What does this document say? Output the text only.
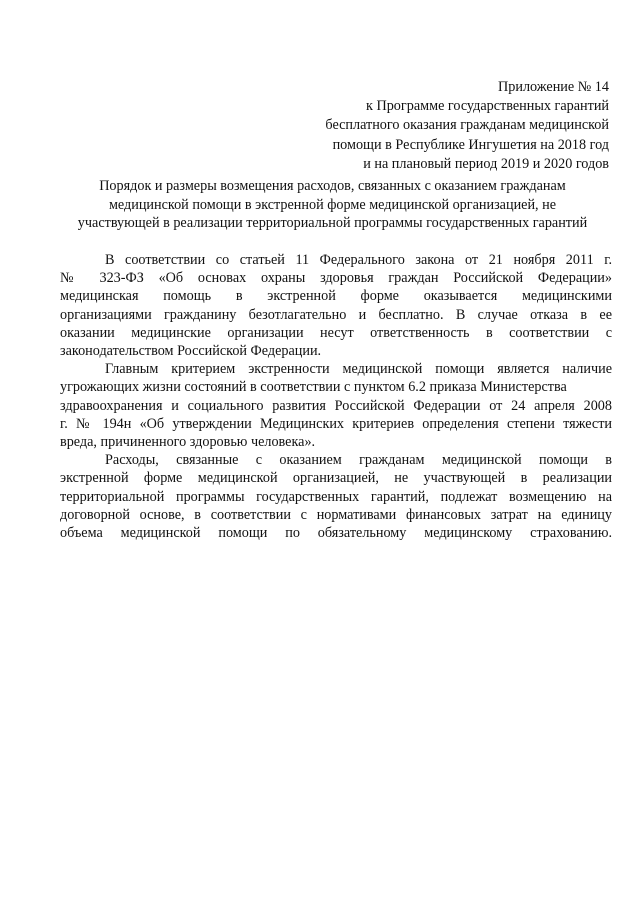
Приложение № 14
к Программе государственных гарантий
бесплатного оказания гражданам медицинской
помощи в Республике Ингушетия на 2018 год
и на плановый период 2019 и 2020 годов
Порядок и размеры возмещения расходов, связанных с оказанием гражданам
медицинской помощи в экстренной форме медицинской организацией, не
участвующей в реализации территориальной программы государственных гарантий
В соответствии со статьей 11 Федерального закона от 21 ноября 2011 г.
№ 323-ФЗ «Об основах охраны здоровья граждан Российской Федерации»
медицинская помощь в экстренной форме оказывается медицинскими
организациями гражданину безотлагательно и бесплатно. В случае отказа в ее
оказании медицинские организации несут ответственность в соответствии с
законодательством Российской Федерации.
Главным критерием экстренности медицинской помощи является наличие
угрожающих жизни состояний в соответствии с пунктом 6.2 приказа Министерства
здравоохранения и социального развития Российской Федерации от 24 апреля 2008
г. № 194н «Об утверждении Медицинских критериев определения степени тяжести
вреда, причиненного здоровью человека».
Расходы, связанные с оказанием гражданам медицинской помощи в
экстренной форме медицинской организацией, не участвующей в реализации
территориальной программы государственных гарантий, подлежат возмещению на
договорной основе, в соответствии с нормативами финансовых затрат на единицу
объема медицинской помощи по обязательному медицинскому страхованию.
